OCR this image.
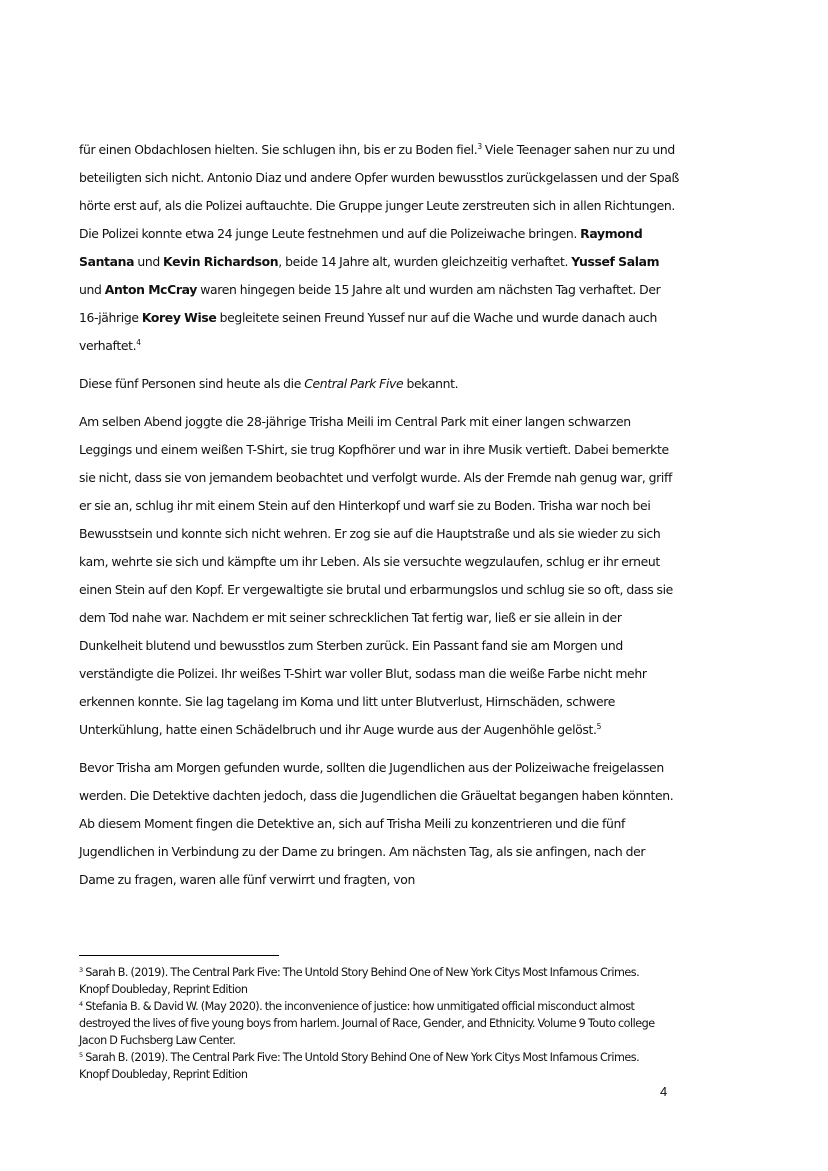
für einen Obdachlosen hielten. Sie schlugen ihn, bis er zu Boden fiel.$^3$ Viele Teenager sahen nur zu und beteiligten sich nicht. Antonio Diaz und andere Opfer wurden bewusstlos zurückgelassen und der Spaß hörte erst auf, als die Polizei auftauchte. Die Gruppe junger Leute zerstreuten sich in allen Richtungen. Die Polizei konnte etwa 24 junge Leute festnehmen und auf die Polizeiwache bringen. Raymond Santana und Kevin Richardson, beide 14 Jahre alt, wurden gleichzeitig verhaftet. Yussef Salam und Anton McCray waren hingegen beide 15 Jahre alt und wurden am nächsten Tag verhaftet. Der 16-jährige Korey Wise begleitete seinen Freund Yussef nur auf die Wache und wurde danach auch verhaftet.$^4$

Diese fünf Personen sind heute als die Central Park Five bekannt.

Am selben Abend joggte die 28-jährige Trisha Meili im Central Park mit einer langen schwarzen Leggings und einem weißen T-Shirt, sie trug Kopfhörer und war in ihre Musik vertieft. Dabei bemerkte sie nicht, dass sie von jemandem beobachtet und verfolgt wurde. Als der Fremde nah genug war, griff er sie an, schlug ihr mit einem Stein auf den Hinterkopf und warf sie zu Boden. Trisha war noch bei Bewusstsein und konnte sich nicht wehren. Er zog sie auf die Hauptstraße und als sie wieder zu sich kam, wehrte sie sich und kämpfte um ihr Leben. Als sie versuchte wegzulaufen, schlug er ihr erneut einen Stein auf den Kopf. Er vergewaltigte sie brutal und erbarmungslos und schlug sie so oft, dass sie dem Tod nahe war. Nachdem er mit seiner schrecklichen Tat fertig war, ließ er sie allein in der Dunkelheit blutend und bewusstlos zum Sterben zurück. Ein Passant fand sie am Morgen und verständigte die Polizei. Ihr weißes T-Shirt war voller Blut, sodass man die weiße Farbe nicht mehr erkennen konnte. Sie lag tagelang im Koma und litt unter Blutverlust, Hirnschäden, schwere Unterkühlung, hatte einen Schädelbruch und ihr Auge wurde aus der Augenhöhle gelöst.$^5$

Bevor Trisha am Morgen gefunden wurde, sollten die Jugendlichen aus der Polizeiwache freigelassen werden. Die Detektive dachten jedoch, dass die Jugendlichen die Gräueltat begangen haben könnten. Ab diesem Moment fingen die Detektive an, sich auf Trisha Meili zu konzentrieren und die fünf Jugendlichen in Verbindung zu der Dame zu bringen. Am nächsten Tag, als sie anfingen, nach der Dame zu fragen, waren alle fünf verwirrt und fragten, von

$^3$ Sarah B. (2019). The Central Park Five: The Untold Story Behind One of New York Citys Most Infamous Crimes. Knopf Doubleday, Reprint Edition
$^4$ Stefania B. & David W. (May 2020). the inconvenience of justice: how unmitigated official misconduct almost destroyed the lives of five young boys from harlem. Journal of Race, Gender, and Ethnicity. Volume 9 Touto college Jacon D Fuchsberg Law Center.
$^5$ Sarah B. (2019). The Central Park Five: The Untold Story Behind One of New York Citys Most Infamous Crimes. Knopf Doubleday, Reprint Edition
4
